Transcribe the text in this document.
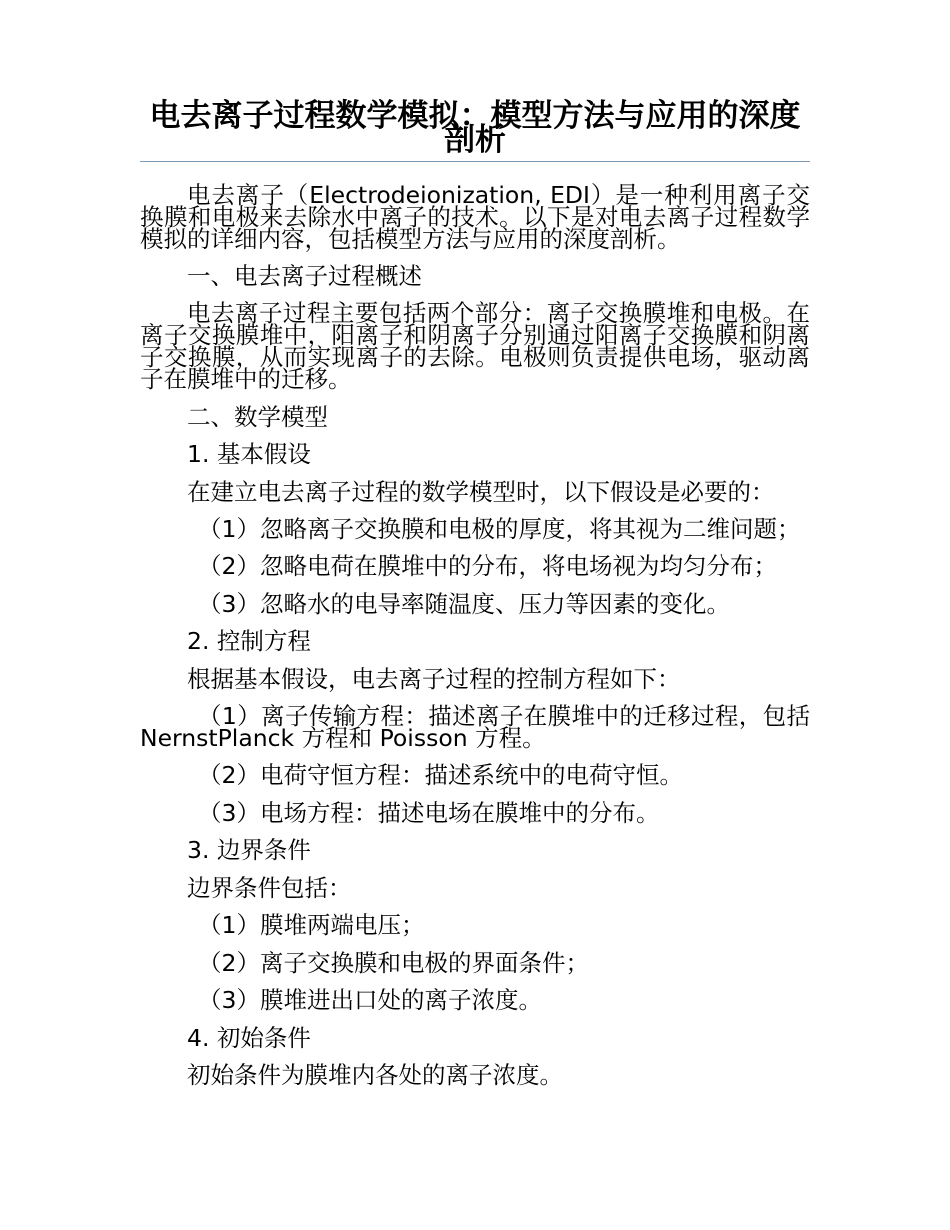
电去离子过程数学模拟：模型方法与应用的深度剖析

电去离子（Electrodeionization, EDI）是一种利用离子交换膜和电极来去除水中离子的技术。以下是对电去离子过程数学模拟的详细内容，包括模型方法与应用的深度剖析。

一、电去离子过程概述

电去离子过程主要包括两个部分：离子交换膜堆和电极。在离子交换膜堆中，阳离子和阴离子分别通过阳离子交换膜和阴离子交换膜，从而实现离子的去除。电极则负责提供电场，驱动离子在膜堆中的迁移。

二、数学模型

1. 基本假设

在建立电去离子过程的数学模型时，以下假设是必要的：

（1）忽略离子交换膜和电极的厚度，将其视为二维问题；

（2）忽略电荷在膜堆中的分布，将电场视为均匀分布；

（3）忽略水的电导率随温度、压力等因素的变化。

2. 控制方程

根据基本假设，电去离子过程的控制方程如下：

（1）离子传输方程：描述离子在膜堆中的迁移过程，包括 NernstPlanck 方程和 Poisson 方程。

（2）电荷守恒方程：描述系统中的电荷守恒。

（3）电场方程：描述电场在膜堆中的分布。

3. 边界条件

边界条件包括：

（1）膜堆两端电压；

（2）离子交换膜和电极的界面条件；

（3）膜堆进出口处的离子浓度。

4. 初始条件

初始条件为膜堆内各处的离子浓度。
